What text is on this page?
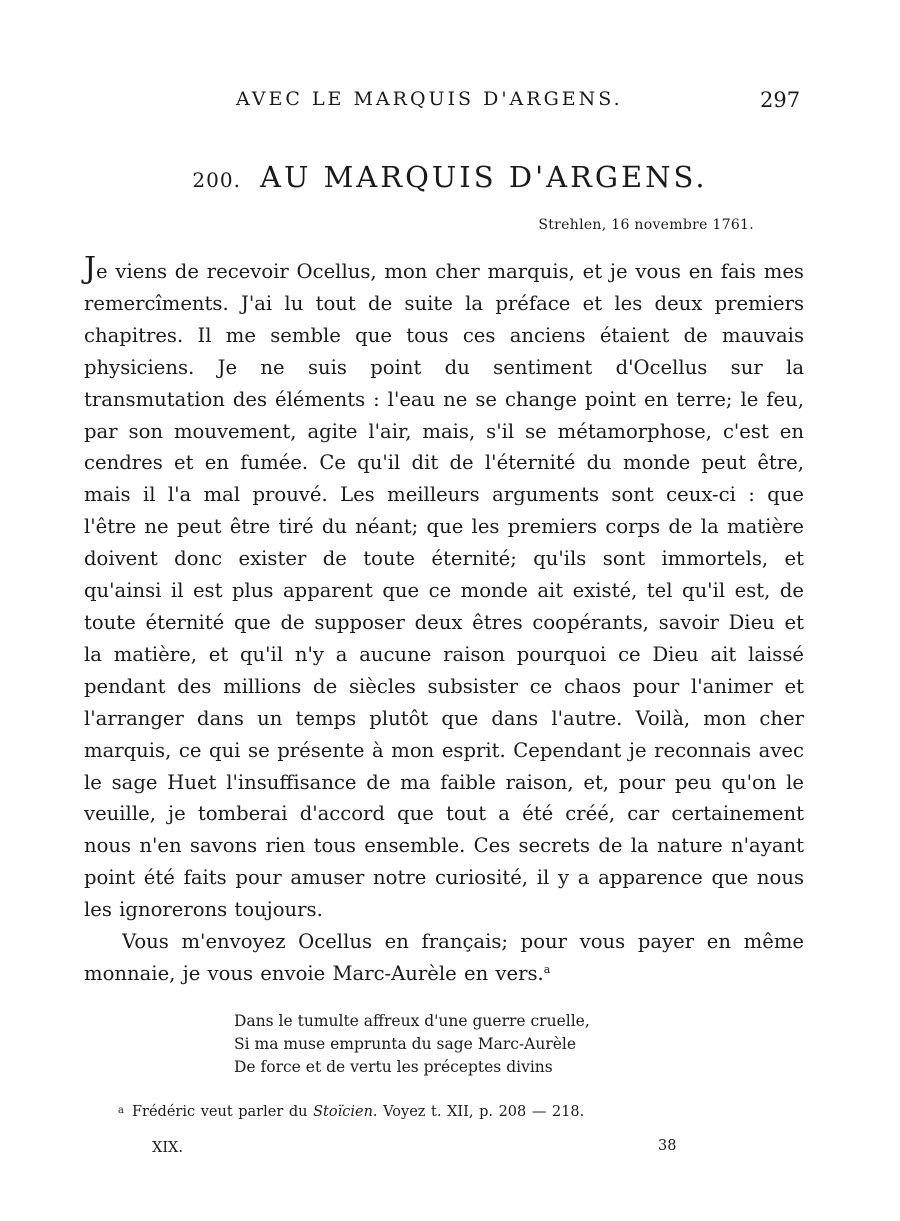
AVEC LE MARQUIS D'ARGENS.	297
200. AU MARQUIS D'ARGENS.
Strehlen, 16 novembre 1761.

Je viens de recevoir Ocellus, mon cher marquis, et je vous en fais mes remercîments. J'ai lu tout de suite la préface et les deux premiers chapitres. Il me semble que tous ces anciens étaient de mauvais physiciens. Je ne suis point du sentiment d'Ocellus sur la transmutation des éléments : l'eau ne se change point en terre; le feu, par son mouvement, agite l'air, mais, s'il se métamorphose, c'est en cendres et en fumée. Ce qu'il dit de l'éternité du monde peut être, mais il l'a mal prouvé. Les meilleurs arguments sont ceux-ci : que l'être ne peut être tiré du néant; que les premiers corps de la matière doivent donc exister de toute éternité; qu'ils sont immortels, et qu'ainsi il est plus apparent que ce monde ait existé, tel qu'il est, de toute éternité que de supposer deux êtres coopérants, savoir Dieu et la matière, et qu'il n'y a aucune raison pourquoi ce Dieu ait laissé pendant des millions de siècles subsister ce chaos pour l'animer et l'arranger dans un temps plutôt que dans l'autre. Voilà, mon cher marquis, ce qui se présente à mon esprit. Cependant je reconnais avec le sage Huet l'insuffisance de ma faible raison, et, pour peu qu'on le veuille, je tomberai d'accord que tout a été créé, car certainement nous n'en savons rien tous ensemble. Ces secrets de la nature n'ayant point été faits pour amuser notre curiosité, il y a apparence que nous les ignorerons toujours.

Vous m'envoyez Ocellus en français; pour vous payer en même monnaie, je vous envoie Marc-Aurèle en vers.$^a$

Dans le tumulte affreux d'une guerre cruelle,
Si ma muse emprunta du sage Marc-Aurèle
De force et de vertu les préceptes divins
$^a$ Frédéric veut parler du Stoïcien. Voyez t. XII, p. 208 — 218.
XIX.	38
